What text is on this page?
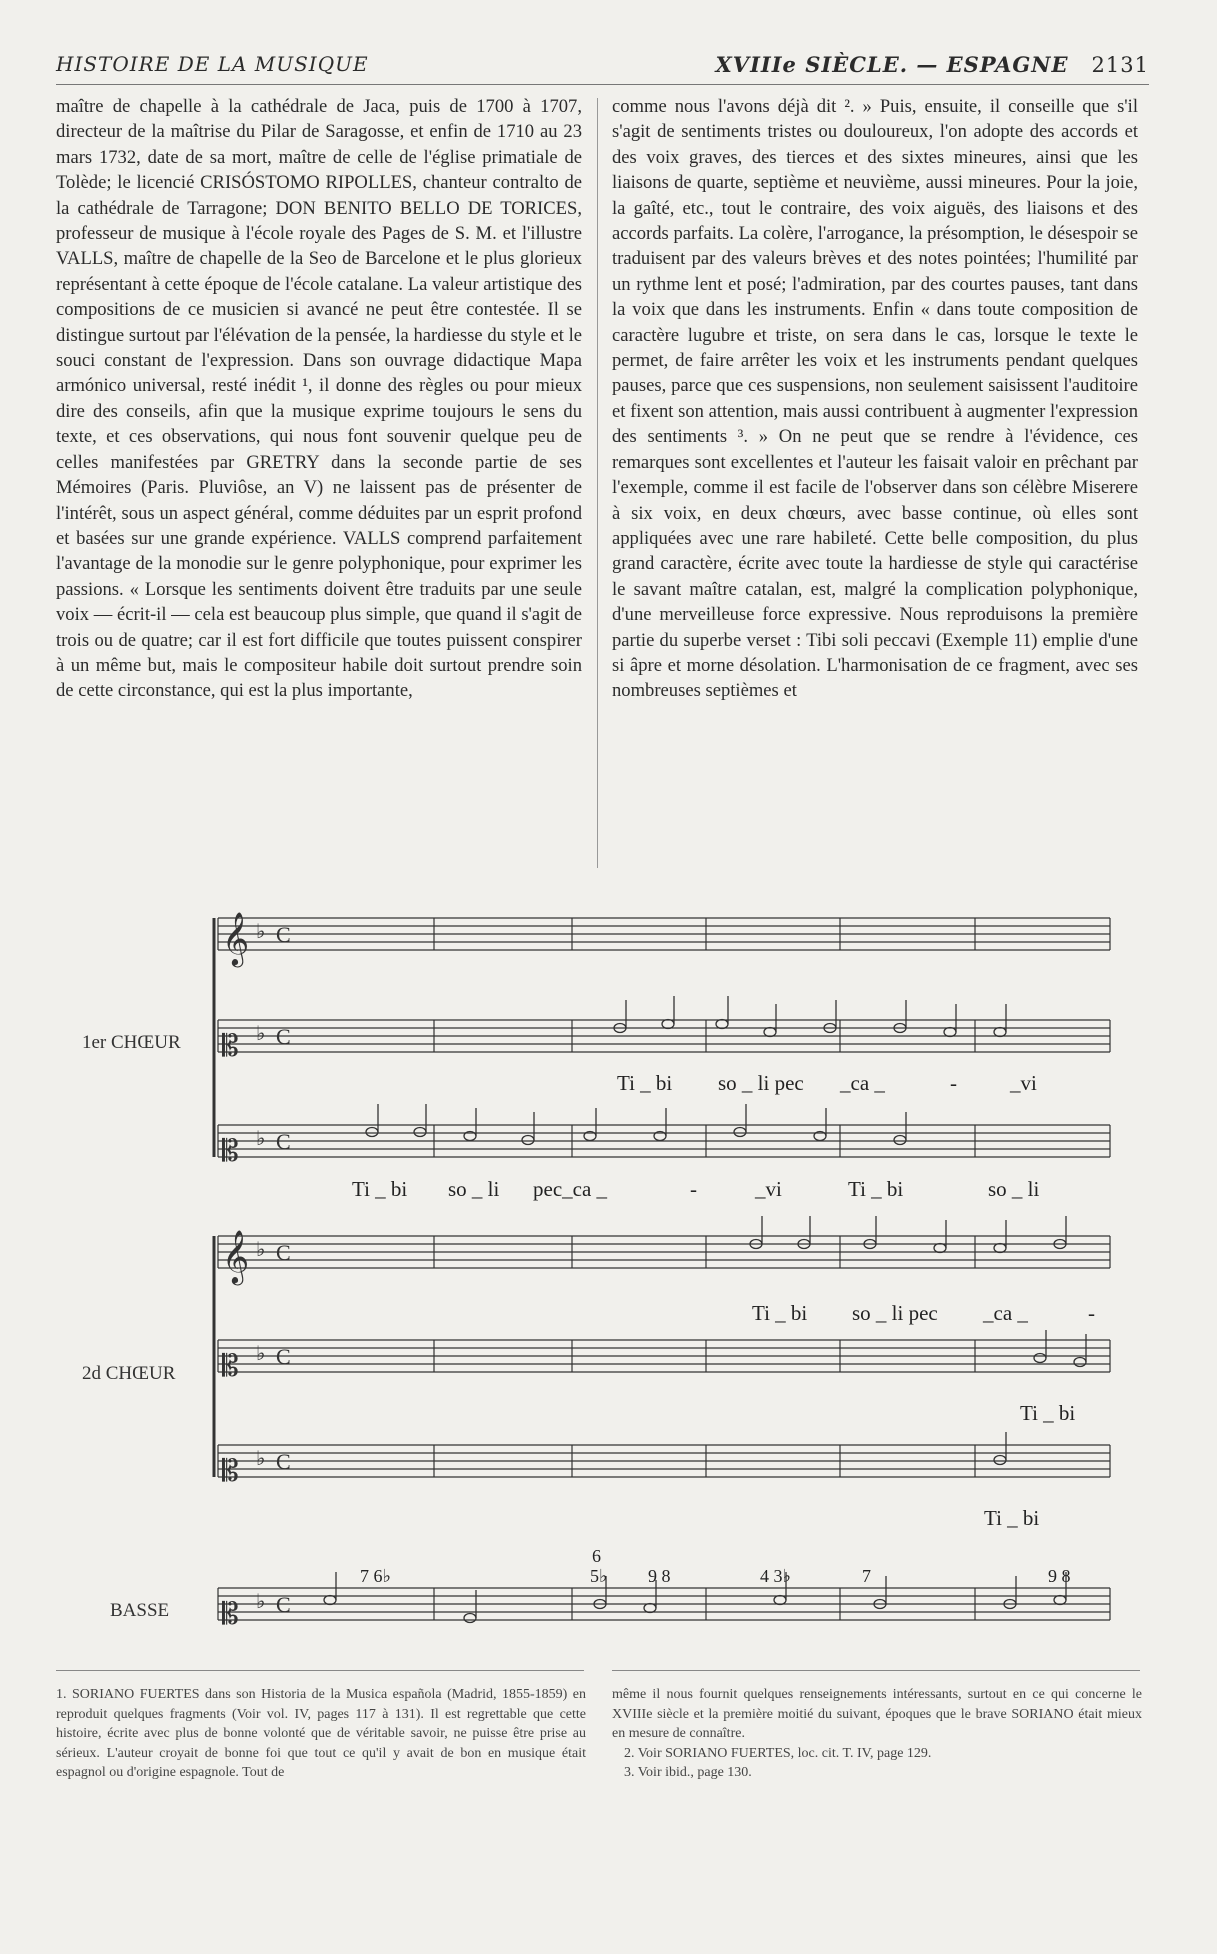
HISTOIRE DE LA MUSIQUE	XVIIIe SIÈCLE. — ESPAGNE 2131

maître de chapelle à la cathédrale de Jaca, puis de 1700 à 1707, directeur de la maîtrise du Pilar de Saragosse, et enfin de 1710 au 23 mars 1732, date de sa mort, maître de celle de l'église primatiale de Tolède; le licencié CRISÓSTOMO RIPOLLES, chanteur contralto de la cathédrale de Tarragone; DON BENITO BELLO DE TORICES, professeur de musique à l'école royale des Pages de S. M. et l'illustre VALLS, maître de chapelle de la Seo de Barcelone et le plus glorieux représentant à cette époque de l'école catalane. La valeur artistique des compositions de ce musicien si avancé ne peut être contestée. Il se distingue surtout par l'élévation de la pensée, la hardiesse du style et le souci constant de l'expression. Dans son ouvrage didactique Mapa armónico universal, resté inédit ¹, il donne des règles ou pour mieux dire des conseils, afin que la musique exprime toujours le sens du texte, et ces observations, qui nous font souvenir quelque peu de celles manifestées par GRETRY dans la seconde partie de ses Mémoires (Paris. Pluviôse, an V) ne laissent pas de présenter de l'intérêt, sous un aspect général, comme déduites par un esprit profond et basées sur une grande expérience. VALLS comprend parfaitement l'avantage de la monodie sur le genre polyphonique, pour exprimer les passions. « Lorsque les sentiments doivent être traduits par une seule voix — écrit-il — cela est beaucoup plus simple, que quand il s'agit de trois ou de quatre; car il est fort difficile que toutes puissent conspirer à un même but, mais le compositeur habile doit surtout prendre soin de cette circonstance, qui est la plus importante,

comme nous l'avons déjà dit ². » Puis, ensuite, il conseille que s'il s'agit de sentiments tristes ou douloureux, l'on adopte des accords et des voix graves, des tierces et des sixtes mineures, ainsi que les liaisons de quarte, septième et neuvième, aussi mineures. Pour la joie, la gaîté, etc., tout le contraire, des voix aiguës, des liaisons et des accords parfaits. La colère, l'arrogance, la présomption, le désespoir se traduisent par des valeurs brèves et des notes pointées; l'humilité par un rythme lent et posé; l'admiration, par des courtes pauses, tant dans la voix que dans les instruments. Enfin « dans toute composition de caractère lugubre et triste, on sera dans le cas, lorsque le texte le permet, de faire arrêter les voix et les instruments pendant quelques pauses, parce que ces suspensions, non seulement saisissent l'auditoire et fixent son attention, mais aussi contribuent à augmenter l'expression des sentiments ³. » On ne peut que se rendre à l'évidence, ces remarques sont excellentes et l'auteur les faisait valoir en prêchant par l'exemple, comme il est facile de l'observer dans son célèbre Miserere à six voix, en deux chœurs, avec basse continue, où elles sont appliquées avec une rare habileté. Cette belle composition, du plus grand caractère, écrite avec toute la hardiesse de style qui caractérise le savant maître catalan, est, malgré la complication polyphonique, d'une merveilleuse force expressive. Nous reproduisons la première partie du superbe verset : Tibi soli peccavi (Exemple 11) emplie d'une si âpre et morne désolation. L'harmonisation de ce fragment, avec ses nombreuses septièmes et

𝄞 ♭ C
𝄡 ♭ C
𝄡 ♭ C
𝄞 ♭ C
𝄡 ♭ C
𝄡 ♭ C
𝄡 ♭ C
1er CHŒUR
2d CHŒUR
BASSE
Ti _ bi so _ li pec _ca _	-	_vi
Ti _ bi so _ li pec_ca _	-	_vi	Ti _ bi	so _ li
Ti _ bi so _ li pec _ca _	-
Ti _ bi
Ti _ bi
7 6♭
6
5♭ 9 8	4 3♭	7	9 8

1. SORIANO FUERTES dans son Historia de la Musica española (Madrid, 1855-1859) en reproduit quelques fragments (Voir vol. IV, pages 117 à 131). Il est regrettable que cette histoire, écrite avec plus de bonne volonté que de véritable savoir, ne puisse être prise au sérieux. L'auteur croyait de bonne foi que tout ce qu'il y avait de bon en musique était espagnol ou d'origine espagnole. Tout de

même il nous fournit quelques renseignements intéressants, surtout en ce qui concerne le XVIIIe siècle et la première moitié du suivant, époques que le brave SORIANO était mieux en mesure de connaître.

2. Voir SORIANO FUERTES, loc. cit. T. IV, page 129.

3. Voir ibid., page 130.
